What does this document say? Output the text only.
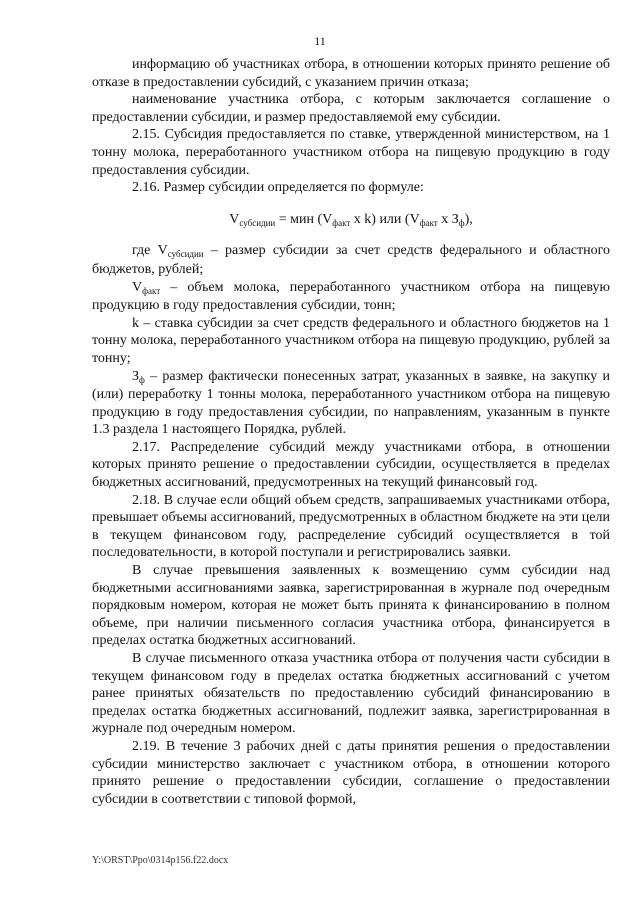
11

информацию об участниках отбора, в отношении которых принято решение об отказе в предоставлении субсидий, с указанием причин отказа;

наименование участника отбора, с которым заключается соглашение о предоставлении субсидии, и размер предоставляемой ему субсидии.

2.15. Субсидия предоставляется по ставке, утвержденной министерством, на 1 тонну молока, переработанного участником отбора на пищевую продукцию в году предоставления субсидии.

2.16. Размер субсидии определяется по формуле:

$V_{субсидии}$ = мин ($V_{факт}$ x k) или ($V_{факт}$ x $З_ф$),

где $V_{субсидии}$ – размер субсидии за счет средств федерального и областного бюджетов, рублей;

$V_{факт}$ – объем молока, переработанного участником отбора на пищевую продукцию в году предоставления субсидии, тонн;

k – ставка субсидии за счет средств федерального и областного бюджетов на 1 тонну молока, переработанного участником отбора на пищевую продукцию, рублей за тонну;

$З_ф$ – размер фактически понесенных затрат, указанных в заявке, на закупку и (или) переработку 1 тонны молока, переработанного участником отбора на пищевую продукцию в году предоставления субсидии, по направлениям, указанным в пункте 1.3 раздела 1 настоящего Порядка, рублей.

2.17. Распределение субсидий между участниками отбора, в отношении которых принято решение о предоставлении субсидии, осуществляется в пределах бюджетных ассигнований, предусмотренных на текущий финансовый год.

2.18. В случае если общий объем средств, запрашиваемых участниками отбора, превышает объемы ассигнований, предусмотренных в областном бюджете на эти цели в текущем финансовом году, распределение субсидий осуществляется в той последовательности, в которой поступали и регистрировались заявки.

В случае превышения заявленных к возмещению сумм субсидии над бюджетными ассигнованиями заявка, зарегистрированная в журнале под очередным порядковым номером, которая не может быть принята к финансированию в полном объеме, при наличии письменного согласия участника отбора, финансируется в пределах остатка бюджетных ассигнований.

В случае письменного отказа участника отбора от получения части субсидии в текущем финансовом году в пределах остатка бюджетных ассигнований с учетом ранее принятых обязательств по предоставлению субсидий финансированию в пределах остатка бюджетных ассигнований, подлежит заявка, зарегистрированная в журнале под очередным номером.

2.19. В течение 3 рабочих дней с даты принятия решения о предоставлении субсидии министерство заключает с участником отбора, в отношении которого принято решение о предоставлении субсидии, соглашение о предоставлении субсидии в соответствии с типовой формой,

Y:\ORST\Ppo\0314p156.f22.docx
